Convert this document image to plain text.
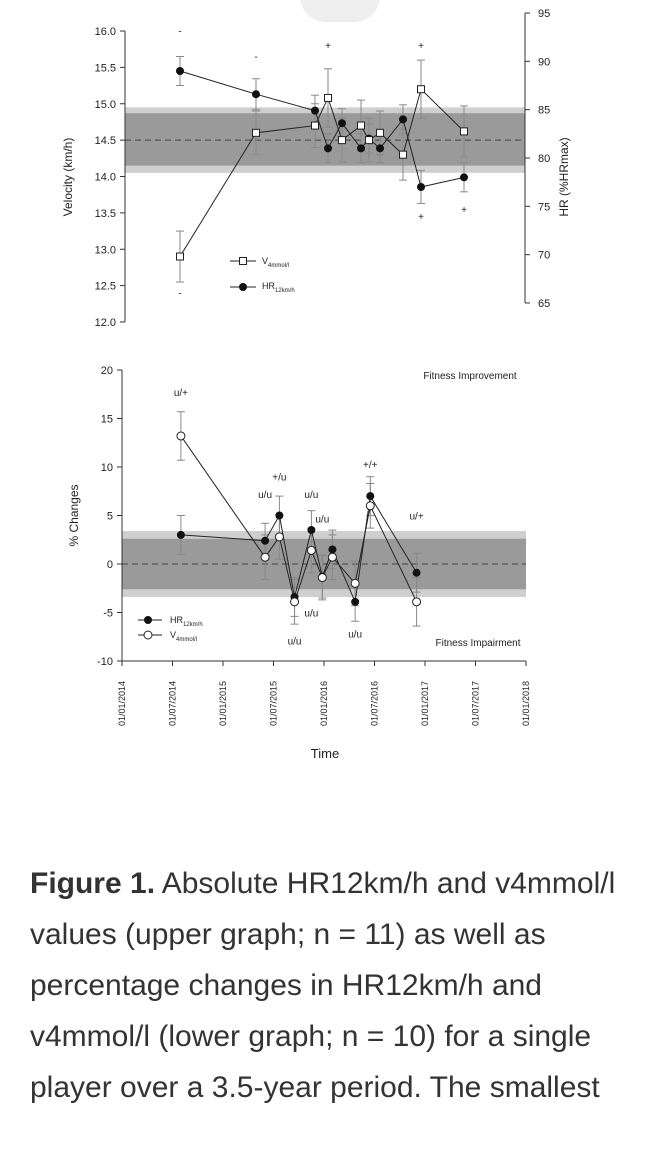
12.0
12.5
13.0
13.5
14.0
14.5
15.0
15.5
16.0
Velocity (km/h)
65
70
75
80
85
90
95
HR (%HRmax)
-
-
-
+	+
+
+
$V_{4mmol/l}$
$HR_{12km/h}$
-10
-5
0
5
10
15
20
01/01/2014	01/07/2014	01/01/2015	01/07/2015	01/01/2016	01/07/2016	01/01/2017	01/07/2017	01/01/2018
% Changes
Time
u/+
u/u
+/u
u/u
u/u
u/u
u/u
u/u
+/+
u/+
Fitness Improvement
Fitness Impairment
$HR_{12km/h}$
$V_{4mmol/l}$
Figure 1. Absolute HR12km/h and v4mmol/l values (upper graph; n = 11) as well as percentage changes in HR12km/h and v4mmol/l (lower graph; n = 10) for a single player over a 3.5-year period. The smallest
